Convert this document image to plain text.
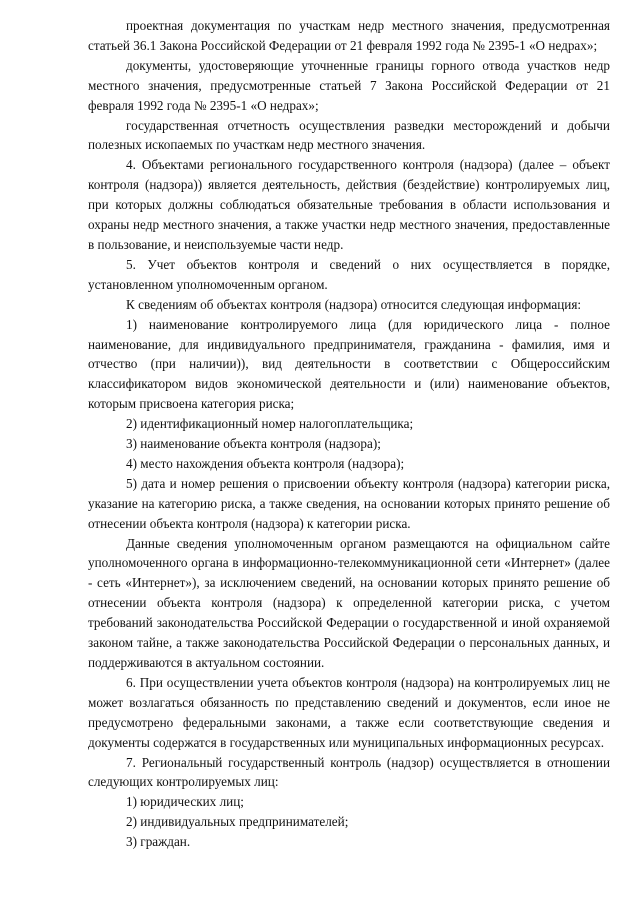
проектная документация по участкам недр местного значения, предусмотренная статьей 36.1 Закона Российской Федерации от 21 февраля 1992 года № 2395-1 «О недрах»;

документы, удостоверяющие уточненные границы горного отвода участков недр местного значения, предусмотренные статьей 7 Закона Российской Федерации от 21 февраля 1992 года № 2395-1 «О недрах»;

государственная отчетность осуществления разведки месторождений и добычи полезных ископаемых по участкам недр местного значения.

4. Объектами регионального государственного контроля (надзора) (далее – объект контроля (надзора)) является деятельность, действия (бездействие) контролируемых лиц, при которых должны соблюдаться обязательные требования в области использования и охраны недр местного значения, а также участки недр местного значения, предоставленные в пользование, и неиспользуемые части недр.

5. Учет объектов контроля и сведений о них осуществляется в порядке, установленном уполномоченным органом.

К сведениям об объектах контроля (надзора) относится следующая информация:

1) наименование контролируемого лица (для юридического лица - полное наименование, для индивидуального предпринимателя, гражданина - фамилия, имя и отчество (при наличии)), вид деятельности в соответствии с Общероссийским классификатором видов экономической деятельности и (или) наименование объектов, которым присвоена категория риска;

2) идентификационный номер налогоплательщика;

3) наименование объекта контроля (надзора);

4) место нахождения объекта контроля (надзора);

5) дата и номер решения о присвоении объекту контроля (надзора) категории риска, указание на категорию риска, а также сведения, на основании которых принято решение об отнесении объекта контроля (надзора) к категории риска.

Данные сведения уполномоченным органом размещаются на официальном сайте уполномоченного органа в информационно-телекоммуникационной сети «Интернет» (далее - сеть «Интернет»), за исключением сведений, на основании которых принято решение об отнесении объекта контроля (надзора) к определенной категории риска, с учетом требований законодательства Российской Федерации о государственной и иной охраняемой законом тайне, а также законодательства Российской Федерации о персональных данных, и поддерживаются в актуальном состоянии.

6. При осуществлении учета объектов контроля (надзора) на контролируемых лиц не может возлагаться обязанность по представлению сведений и документов, если иное не предусмотрено федеральными законами, а также если соответствующие сведения и документы содержатся в государственных или муниципальных информационных ресурсах.

7. Региональный государственный контроль (надзор) осуществляется в отношении следующих контролируемых лиц:

1) юридических лиц;

2) индивидуальных предпринимателей;

3) граждан.
